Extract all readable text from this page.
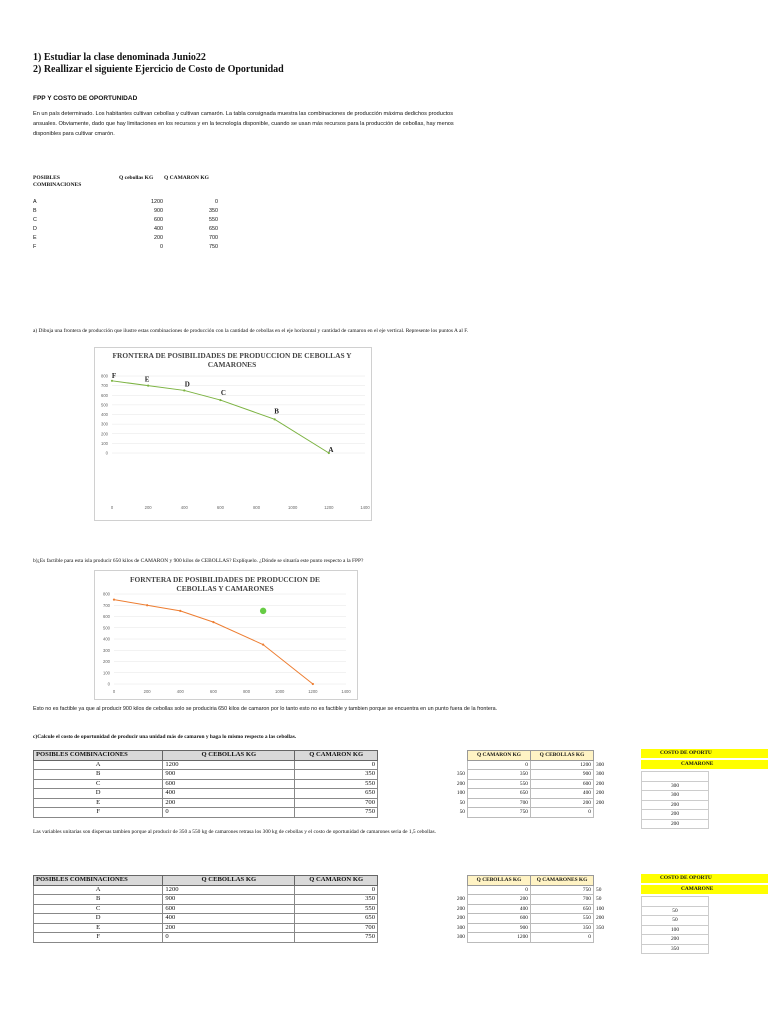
1) Estudiar la clase denominada Junio22
2) Reallizar el siguiente Ejercicio de Costo de Oportunidad
FPP Y COSTO DE OPORTUNIDAD
En un país determinado. Los habitantes cultivan cebollas y cultivan camarón. La tabla consignada muestra las combinaciones de producción máxima dedichos productos ansuales. Obviamente, dado que hay limitaciones en los recursos y en la tecnología disponible, cuando se usan más recursos para la producción de cebollas, hay menos disponibles para cultivar cmarón.
POSIBLES COMBINACIONES
Q cebollas KG	Q CAMARON KG
A	1200	0
B	900	350
C	600	550
D	400	650
E	200	700
F	0	750
a) Dibuja una frontera de producción que ilustre estas combinaciones de producción con la cantidad de cebollas en el eje horizontal y cantidad de camaron en el eje vertical. Represente los puntos A al F.
FRONTERA DE POSIBILIDADES DE PRODUCCION DE CEBOLLAS Y CAMARONES
0
100
200
300
400
500
600
700
800
0	200	400	600	800	1000	1200	1400
F	E
D
C
B
A
b)¿Es factible para esta isla producir 650 kilos de CAMARON y 900 kilos de CEBOLLAS? Explíquelo. ¿Dónde se situaría este punto respecto a la FPP?
FORNTERA DE POSIBILIDADES DE PRODUCCION DE CEBOLLAS Y CAMARONES
0
100
200
300
400
500
600
700
800
0	200	400	600	800	1000	1200	1400
Esto no es factible ya que al producir 900 kilos de cebollas solo se produciria 650 kilos de camaron por lo tanto esto no es factible y tambien porque se encuentra en un punto fuera de la frontera.
c)Calcule el costo de oportunidad de producir una unidad más de camaron y haga lo mismo respecto a las cebollas.
POSIBLES COMBINACIONES	Q CEBOLLAS KG	Q CAMARON KG
A	1200	0
B	900	350
C	600	550
D	400	650
E	200	700
F	0	750
	Q CAMARON KG	Q CEBOLLAS KG	
	0	1200	300
350	350	900	300
200	550	600	200
100	650	400	200
50	700	200	200
50	750	0	
COSTO DE OPORTU
CAMARONE

300
300
200
200
200
Las variables unitarias son dispersas tambien porque al producir de 350 a 550 kg de camarones retrasa los 300 kg de cebollas y el costo de oportunidad de camarones seria de 1,5 cebollas.
POSIBLES COMBINACIONES	Q CEBOLLAS KG	Q CAMARON KG
A	1200	0
B	900	350
C	600	550
D	400	650
E	200	700
F	0	750
	Q CEBOLLAS KG	Q CAMARONES KG	
	0	750	50
200	200	700	50
200	400	650	100
200	600	550	200
300	900	350	350
300	1200	0	
COSTO DE OPORTU
CAMARONE

50
50
100
200
350
